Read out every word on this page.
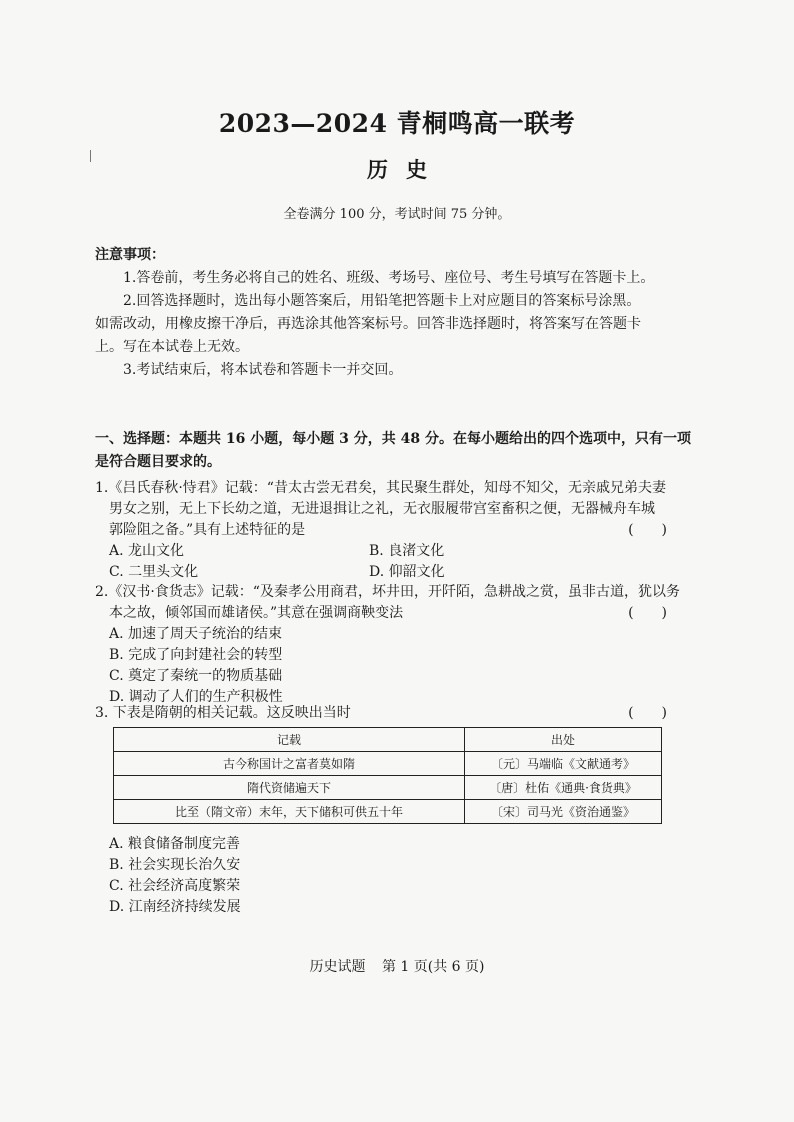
2023—2024 青桐鸣高一联考
历史
全卷满分 100 分，考试时间 75 分钟。

注意事项：

1.答卷前，考生务必将自己的姓名、班级、考场号、座位号、考生号填写在答题卡上。

2.回答选择题时，选出每小题答案后，用铅笔把答题卡上对应题目的答案标号涂黑。

如需改动，用橡皮擦干净后，再选涂其他答案标号。回答非选择题时，将答案写在答题卡

上。写在本试卷上无效。

3.考试结束后，将本试卷和答题卡一并交回。

一、选择题：本题共 16 小题，每小题 3 分，共 48 分。在每小题给出的四个选项中，只有一项
是符合题目要求的。

1.《吕氏春秋·恃君》记载：“昔太古尝无君矣，其民聚生群处，知母不知父，无亲戚兄弟夫妻

男女之别，无上下长幼之道，无进退揖让之礼，无衣服履带宫室畜积之便，无器械舟车城

郭险阻之备。”具有上述特征的是	(　　)

A. 龙山文化	B. 良渚文化
C. 二里头文化	D. 仰韶文化

2.《汉书·食货志》记载：“及秦孝公用商君，坏井田，开阡陌，急耕战之赏，虽非古道，犹以务

本之故，倾邻国而雄诸侯。”其意在强调商鞅变法	(　　)

A. 加速了周天子统治的结束

B. 完成了向封建社会的转型

C. 奠定了秦统一的物质基础

D. 调动了人们的生产积极性

3. 下表是隋朝的相关记载。这反映出当时	(　　)

记载	出处
古今称国计之富者莫如隋	〔元〕马端临《文献通考》
隋代资储遍天下	〔唐〕杜佑《通典·食货典》
比至（隋文帝）末年，天下储积可供五十年	〔宋〕司马光《资治通鉴》

A. 粮食储备制度完善

B. 社会实现长治久安

C. 社会经济高度繁荣

D. 江南经济持续发展

历史试题 第 1 页(共 6 页)
